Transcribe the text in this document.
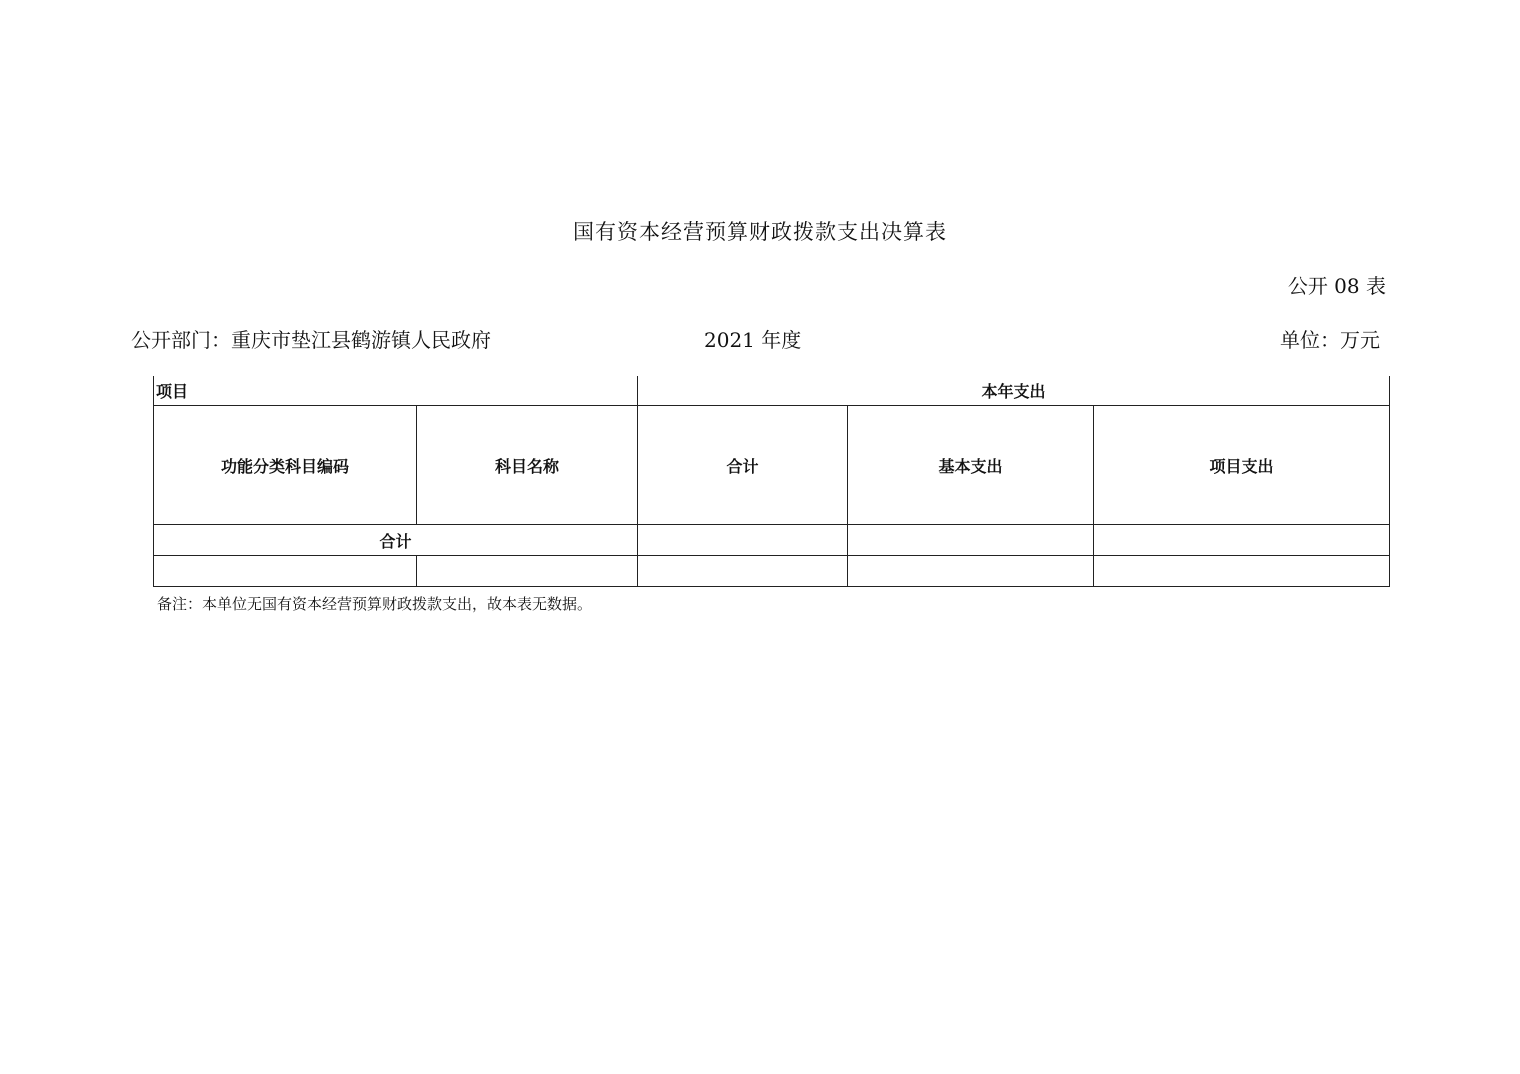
国有资本经营预算财政拨款支出决算表
公开 08 表
公开部门：重庆市垫江县鹤游镇人民政府	2021 年度	单位：万元
项目		本年支出		
功能分类科目编码	科目名称	合计	基本支出	项目支出
合计				

备注：本单位无国有资本经营预算财政拨款支出，故本表无数据。
